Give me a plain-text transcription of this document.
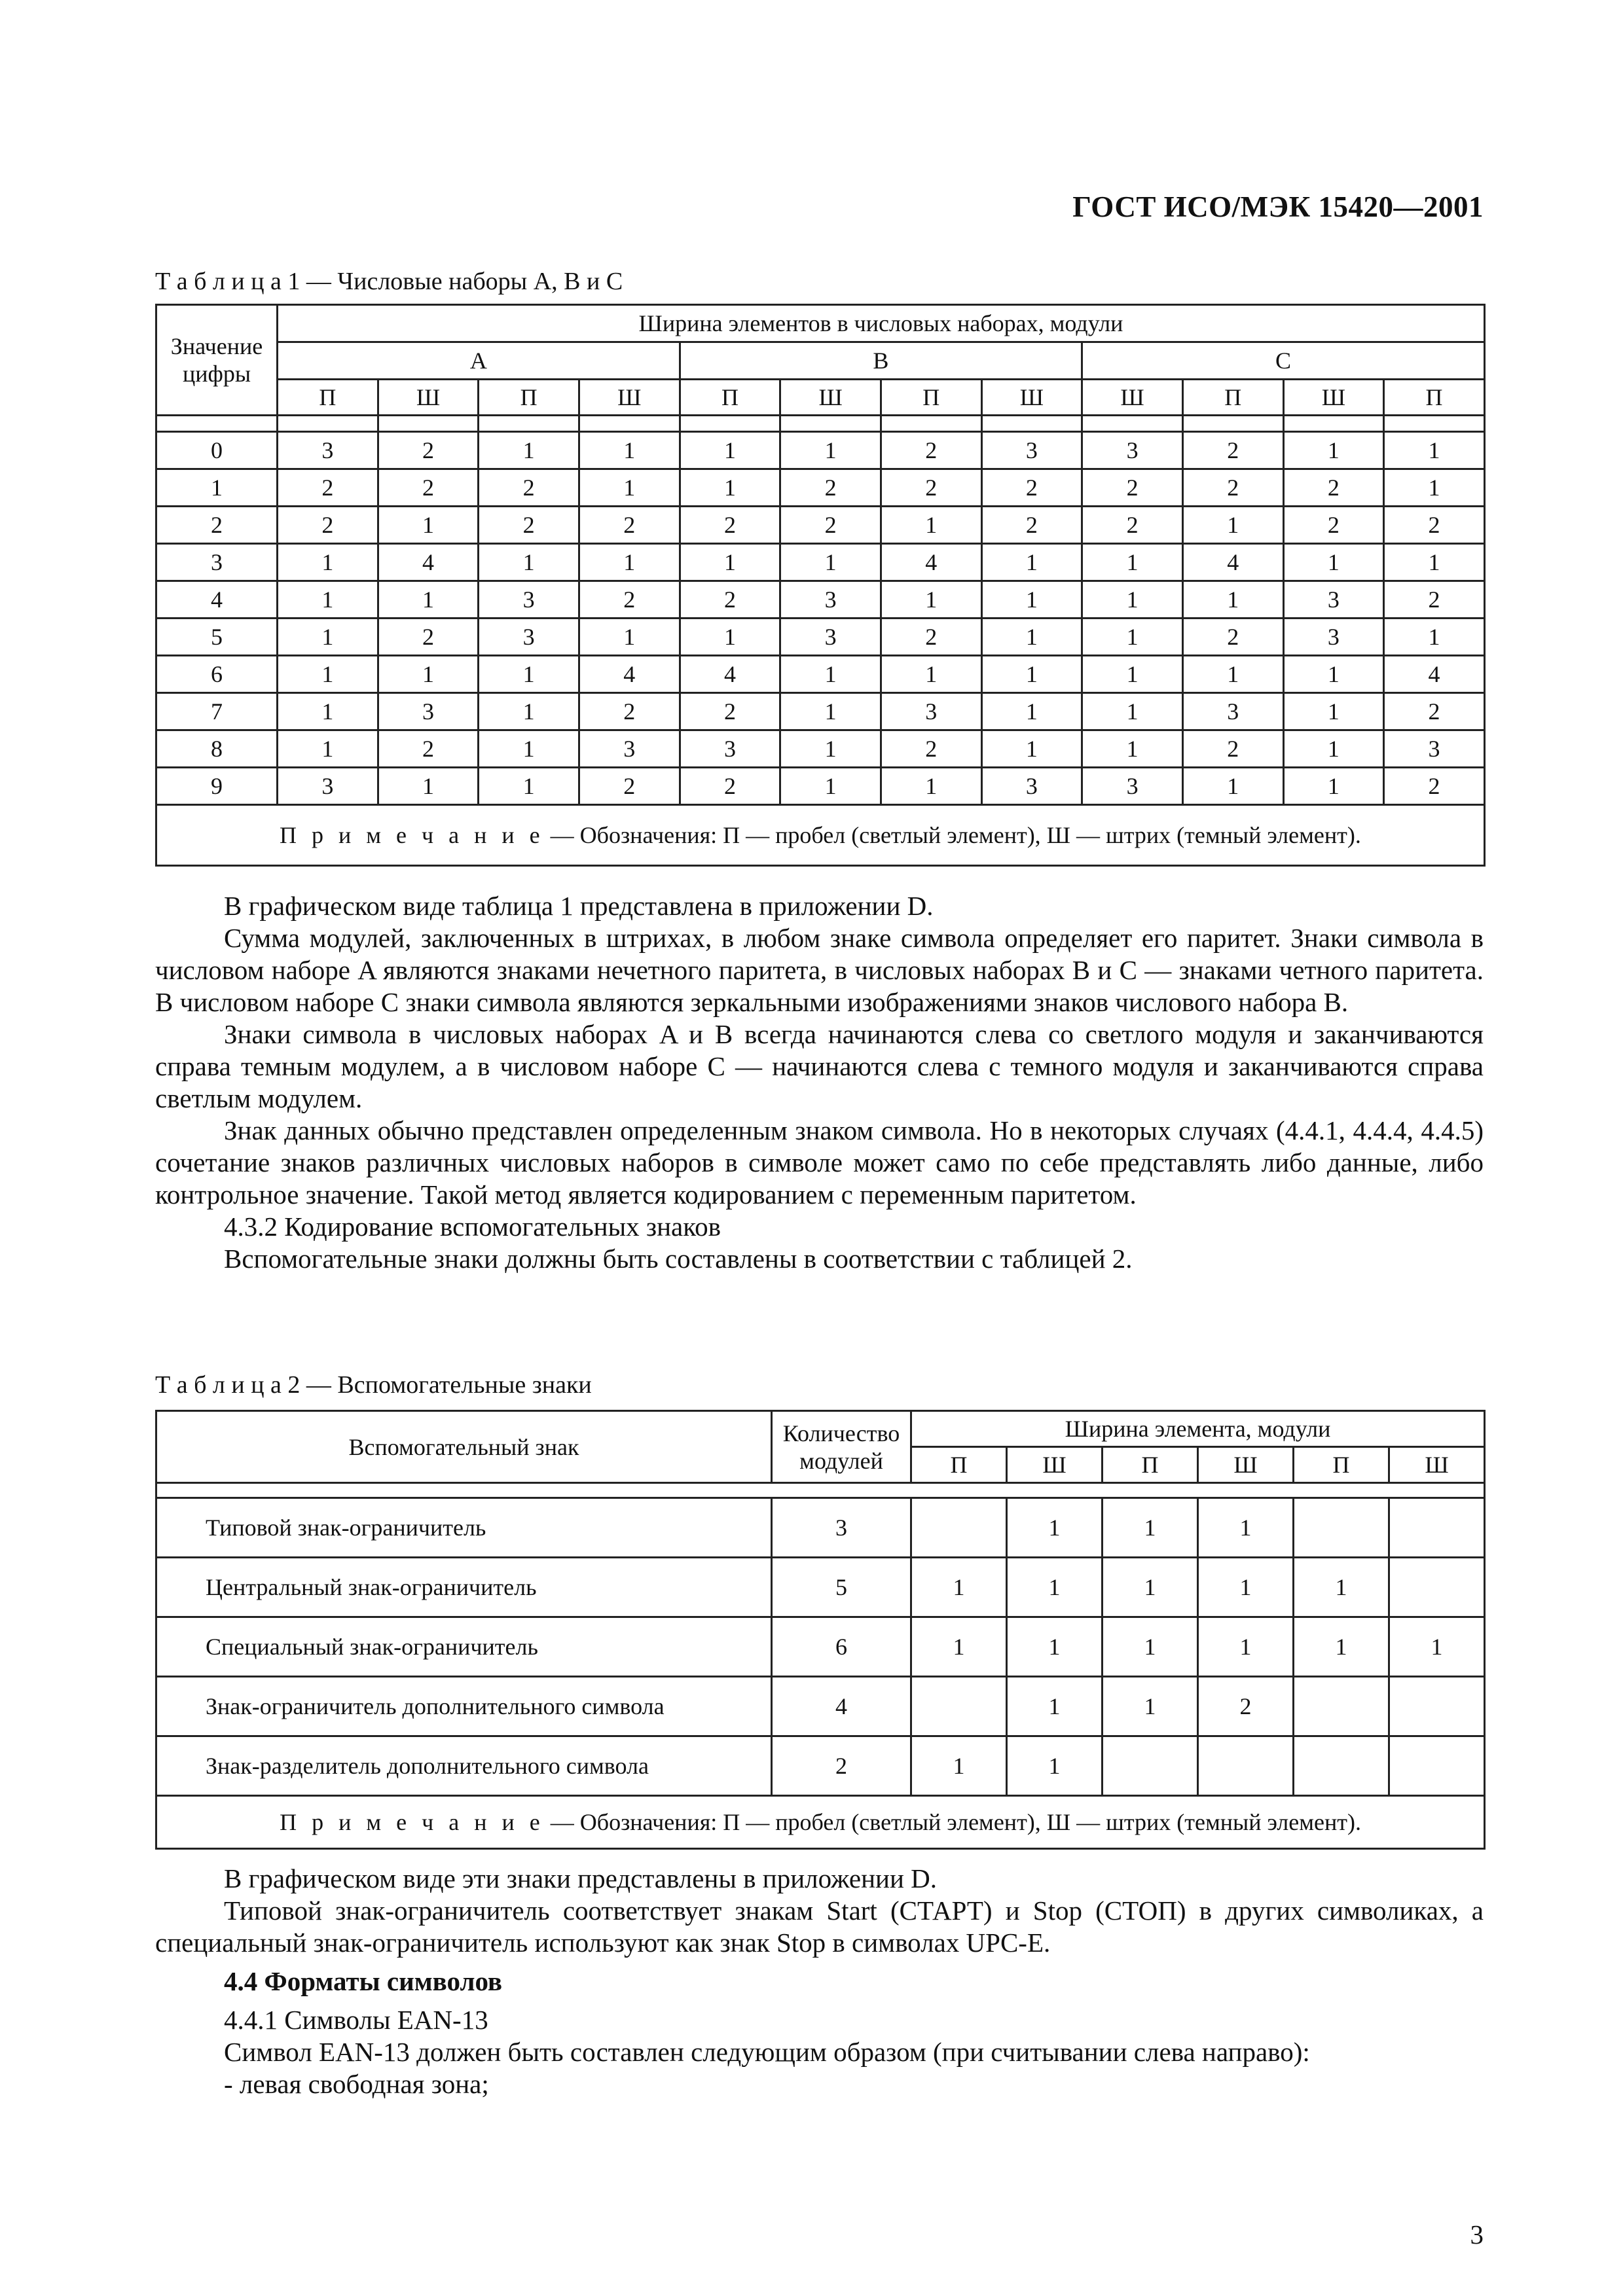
ГОСТ ИСО/МЭК 15420—2001
Т а б л и ц а 1 — Числовые наборы A, B и C
Значение цифры	Ширина элементов в числовых наборах, модули											
	A				B				C			
	П	Ш	П	Ш	П	Ш	П	Ш	Ш	П	Ш	П

0	3	2	1	1	1	1	2	3	3	2	1	1
1	2	2	2	1	1	2	2	2	2	2	2	1
2	2	1	2	2	2	2	1	2	2	1	2	2
3	1	4	1	1	1	1	4	1	1	4	1	1
4	1	1	3	2	2	3	1	1	1	1	3	2
5	1	2	3	1	1	3	2	1	1	2	3	1
6	1	1	1	4	4	1	1	1	1	1	1	4
7	1	3	1	2	2	1	3	1	1	3	1	2
8	1	2	1	3	3	1	2	1	1	2	1	3
9	3	1	1	2	2	1	1	3	3	1	1	2
П р и м е ч а н и е — Обозначения: П — пробел (светлый элемент), Ш — штрих (темный элемент).												

В графическом виде таблица 1 представлена в приложении D.

Сумма модулей, заключенных в штрихах, в любом знаке символа определяет его паритет. Знаки символа в числовом наборе A являются знаками нечетного паритета, в числовых наборах B и C — знаками четного паритета. В числовом наборе C знаки символа являются зеркальными изображениями знаков числового набора B.

Знаки символа в числовых наборах A и B всегда начинаются слева со светлого модуля и заканчиваются справа темным модулем, а в числовом наборе C — начинаются слева с темного модуля и заканчиваются справа светлым модулем.

Знак данных обычно представлен определенным знаком символа. Но в некоторых случаях (4.4.1, 4.4.4, 4.4.5) сочетание знаков различных числовых наборов в символе может само по себе представлять либо данные, либо контрольное значение. Такой метод является кодированием с переменным паритетом.

4.3.2 Кодирование вспомогательных знаков

Вспомогательные знаки должны быть составлены в соответствии с таблицей 2.

Т а б л и ц а 2 — Вспомогательные знаки
Вспомогательный знак	Количество модулей	Ширина элемента, модули					
		П	Ш	П	Ш	П	Ш

Типовой знак-ограничитель	3		1	1	1		
Центральный знак-ограничитель	5	1	1	1	1	1	
Специальный знак-ограничитель	6	1	1	1	1	1	1
Знак-ограничитель дополнительного символа	4		1	1	2		
Знак-разделитель дополнительного символа	2	1	1				
П р и м е ч а н и е — Обозначения: П — пробел (светлый элемент), Ш — штрих (темный элемент).							

В графическом виде эти знаки представлены в приложении D.

Типовой знак-ограничитель соответствует знакам Start (СТАРТ) и Stop (СТОП) в других символиках, а специальный знак-ограничитель используют как знак Stop в символах UPC-E.

4.4 Форматы символов

4.4.1 Символы EAN-13

Символ EAN-13 должен быть составлен следующим образом (при считывании слева направо):

- левая свободная зона;

3
